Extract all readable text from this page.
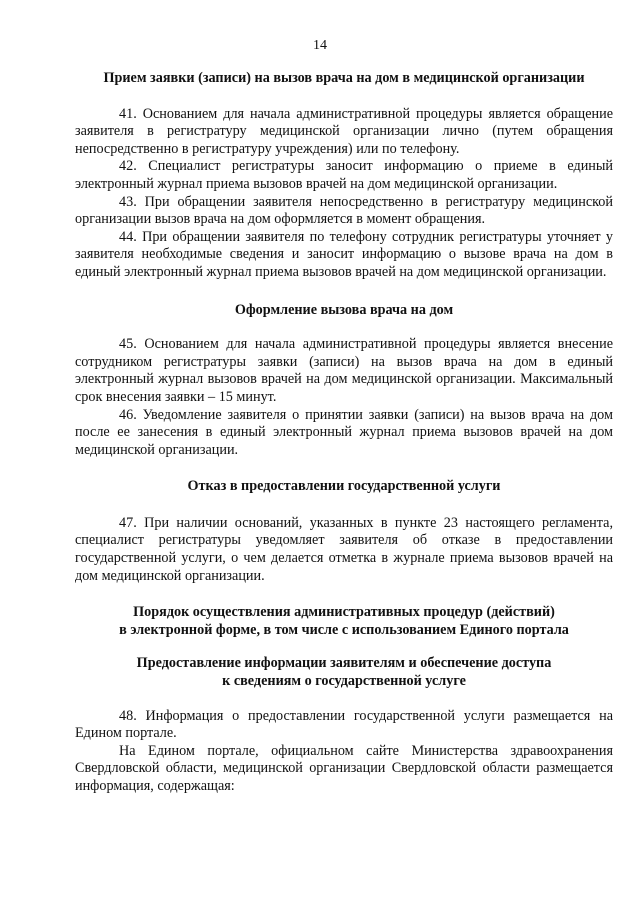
14

Прием заявки (записи) на вызов врача на дом в медицинской организации

41. Основанием для начала административной процедуры является обращение заявителя в регистратуру медицинской организации лично (путем обращения непосредственно в регистратуру учреждения) или по телефону.

42. Специалист регистратуры заносит информацию о приеме в единый электронный журнал приема вызовов врачей на дом медицинской организации.

43. При обращении заявителя непосредственно в регистратуру медицинской организации вызов врача на дом оформляется в момент обращения.

44. При обращении заявителя по телефону сотрудник регистратуры уточняет у заявителя необходимые сведения и заносит информацию о вызове врача на дом в единый электронный журнал приема вызовов врачей на дом медицинской организации.

Оформление вызова врача на дом

45. Основанием для начала административной процедуры является внесение сотрудником регистратуры заявки (записи) на вызов врача на дом в единый электронный журнал вызовов врачей на дом медицинской организации. Максимальный срок внесения заявки – 15 минут.

46. Уведомление заявителя о принятии заявки (записи) на вызов врача на дом после ее занесения в единый электронный журнал приема вызовов врачей на дом медицинской организации.

Отказ в предоставлении государственной услуги

47. При наличии оснований, указанных в пункте 23 настоящего регламента, специалист регистратуры уведомляет заявителя об отказе в предоставлении государственной услуги, о чем делается отметка в журнале приема вызовов врачей на дом медицинской организации.

Порядок осуществления административных процедур (действий)

в электронной форме, в том числе с использованием Единого портала

Предоставление информации заявителям и обеспечение доступа

к сведениям о государственной услуге

48. Информация о предоставлении государственной услуги размещается на Едином портале.

На Едином портале, официальном сайте Министерства здравоохранения Свердловской области, медицинской организации Свердловской области размещается информация, содержащая:
